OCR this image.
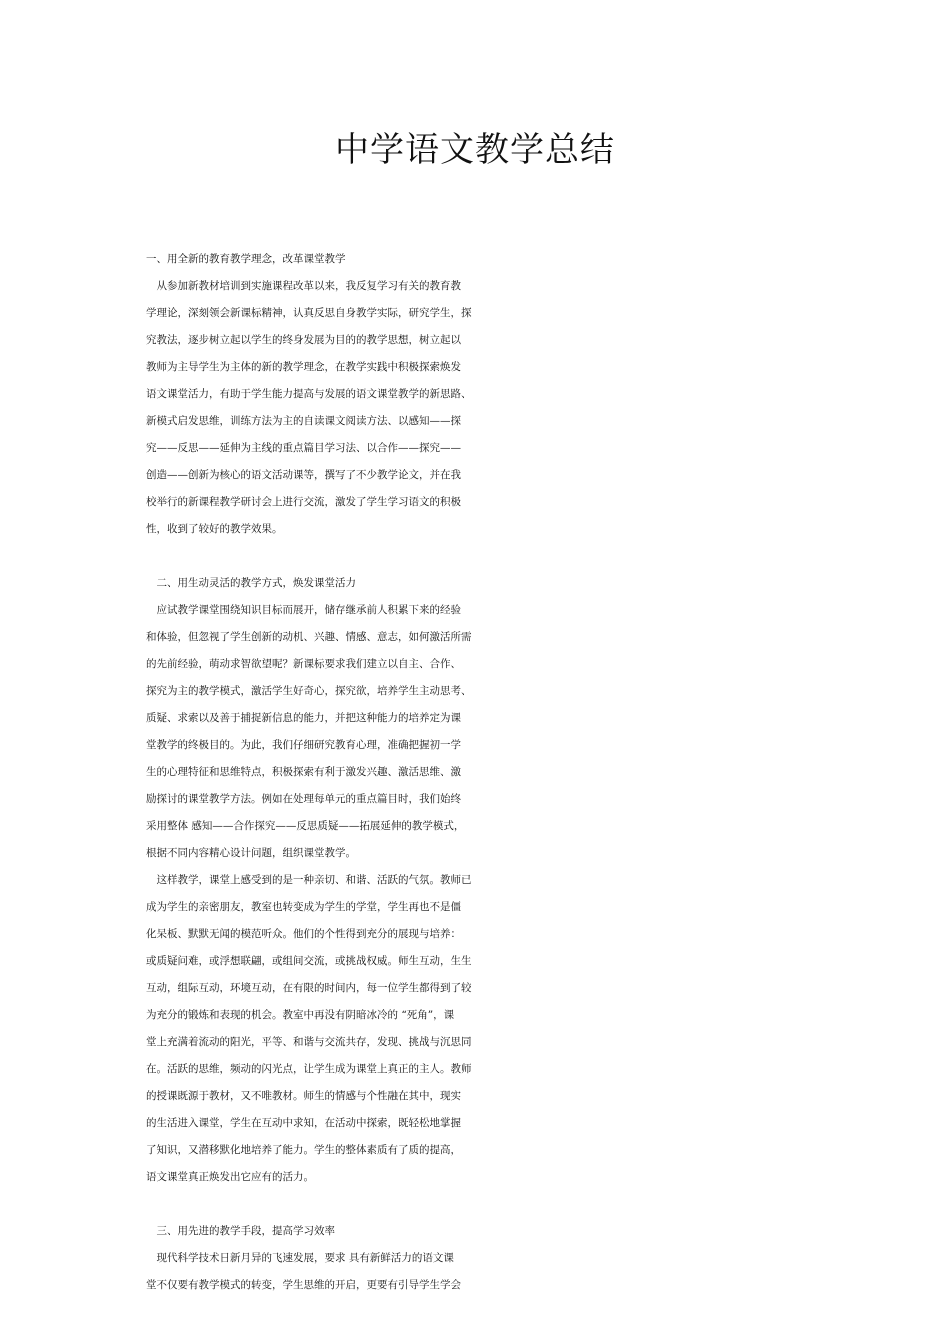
中学语文教学总结
一、用全新的教育教学理念，改革课堂教学
　从参加新教材培训到实施课程改革以来，我反复学习有关的教育教
学理论，深刻领会新课标精神，认真反思自身教学实际，研究学生，探
究教法，逐步树立起以学生的终身发展为目的的教学思想，树立起以
教师为主导学生为主体的新的教学理念，在教学实践中积极探索焕发
语文课堂活力，有助于学生能力提高与发展的语文课堂教学的新思路、
新模式启发思维，训练方法为主的自读课文阅读方法、以感知——探
究——反思——延伸为主线的重点篇目学习法、以合作——探究——
创造——创新为核心的语文活动课等，撰写了不少教学论文，并在我
校举行的新课程教学研讨会上进行交流，激发了学生学习语文的积极
性，收到了较好的教学效果。
　二、用生动灵活的教学方式，焕发课堂活力
　应试教学课堂围绕知识目标而展开，储存继承前人积累下来的经验
和体验，但忽视了学生创新的动机、兴趣、情感、意志，如何激活所需
的先前经验，萌动求智欲望呢？新课标要求我们建立以自主、合作、
探究为主的教学模式，激活学生好奇心，探究欲，培养学生主动思考、
质疑、求索以及善于捕捉新信息的能力，并把这种能力的培养定为课
堂教学的终极目的。为此，我们仔细研究教育心理，准确把握初一学
生的心理特征和思维特点，积极探索有利于激发兴趣、激活思维、激
励探讨的课堂教学方法。例如在处理每单元的重点篇目时，我们始终
采用整体 感知——合作探究——反思质疑——拓展延伸的教学模式，
根据不同内容精心设计问题，组织课堂教学。
　这样教学，课堂上感受到的是一种亲切、和谐、活跃的气氛。教师已
成为学生的亲密朋友，教室也转变成为学生的学堂，学生再也不是僵
化呆板、默默无闻的模范听众。他们的个性得到充分的展现与培养：
或质疑问难，或浮想联翩，或组间交流，或挑战权威。师生互动，生生
互动，组际互动，环境互动，在有限的时间内，每一位学生都得到了较
为充分的锻炼和表现的机会。教室中再没有阴暗冰冷的 “死角”，课
堂上充满着流动的阳光，平等、和谐与交流共存，发现、挑战与沉思同
在。活跃的思维，频动的闪光点，让学生成为课堂上真正的主人。教师
的授课既源于教材，又不唯教材。师生的情感与个性融在其中，现实
的生活进入课堂，学生在互动中求知，在活动中探索，既轻松地掌握
了知识，又潜移默化地培养了能力。学生的整体素质有了质的提高，
语文课堂真正焕发出它应有的活力。
　三、用先进的教学手段，提高学习效率
　现代科学技术日新月异的飞速发展，要求 具有新鲜活力的语文课
堂不仅要有教学模式的转变，学生思维的开启，更要有引导学生学会
